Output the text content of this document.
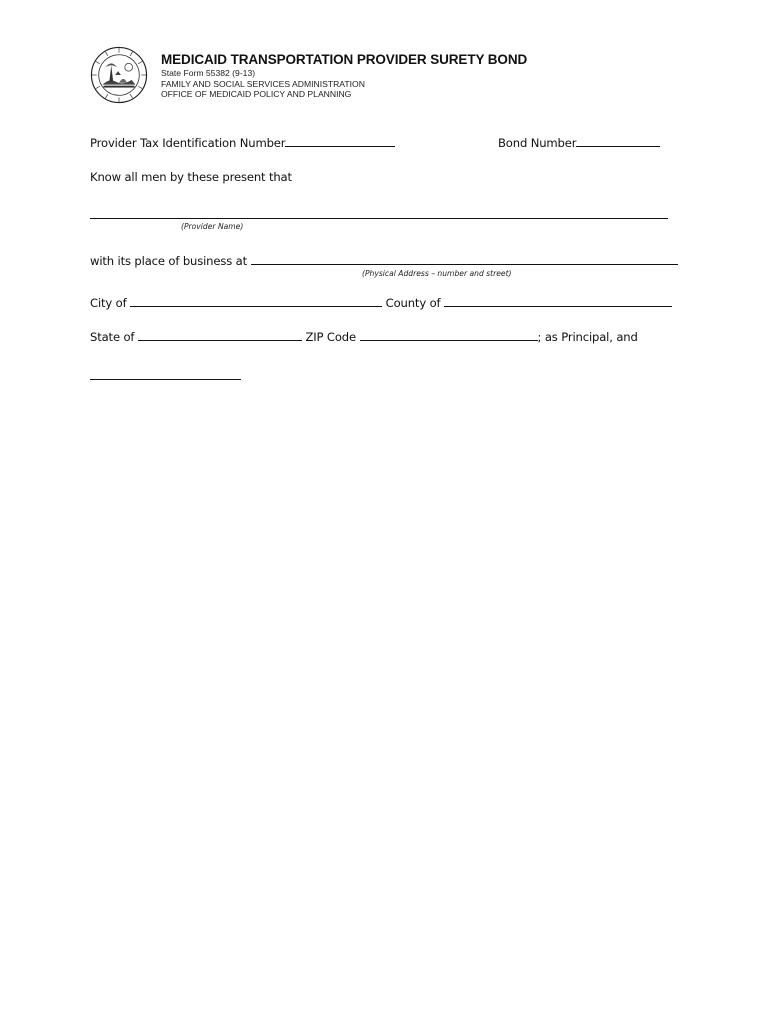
MEDICAID TRANSPORTATION PROVIDER SURETY BOND
State Form 55382 (9-13)
FAMILY AND SOCIAL SERVICES ADMINISTRATION
OFFICE OF MEDICAID POLICY AND PLANNING
Provider Tax Identification Number	Bond Number
Know all men by these present that
(Provider Name)
with its place of business at
(Physical Address – number and street)
City of	County of
State of	ZIP Code	; as Principal, and
